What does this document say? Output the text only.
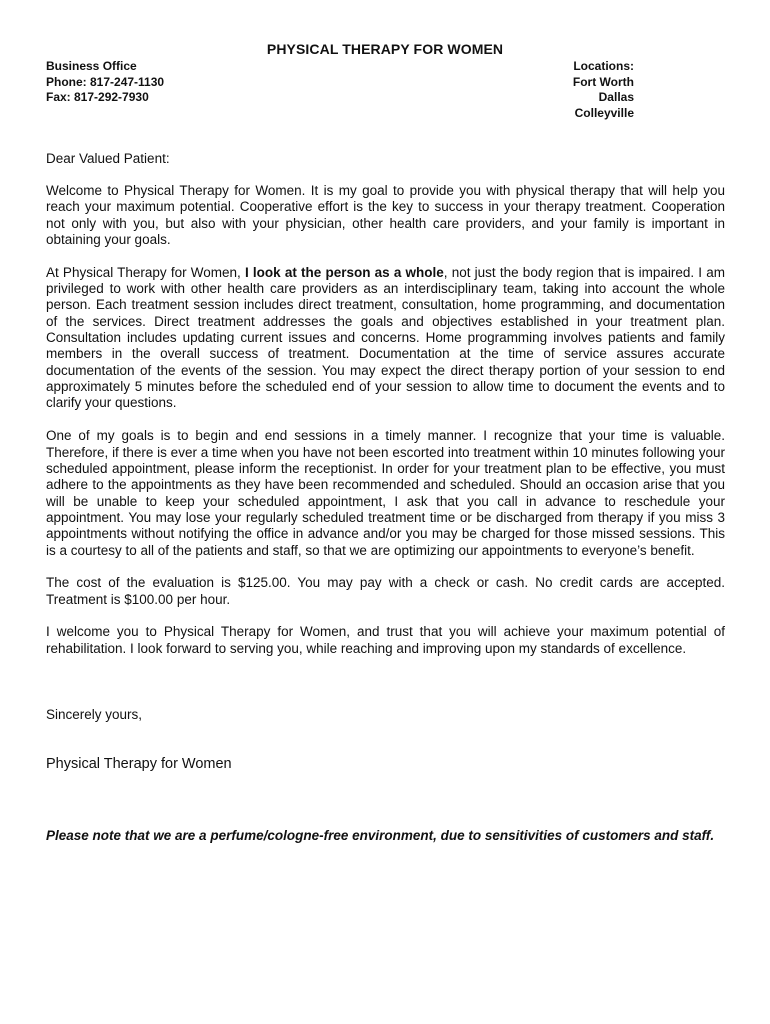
PHYSICAL THERAPY FOR WOMEN
Business Office
Phone: 817-247-1130
Fax: 817-292-7930
Locations:
Fort Worth
Dallas
Colleyville
Dear Valued Patient:

Welcome to Physical Therapy for Women. It is my goal to provide you with physical therapy that will help you reach your maximum potential. Cooperative effort is the key to success in your therapy treatment. Cooperation not only with you, but also with your physician, other health care providers, and your family is important in obtaining your goals.

At Physical Therapy for Women, I look at the person as a whole, not just the body region that is impaired. I am privileged to work with other health care providers as an interdisciplinary team, taking into account the whole person. Each treatment session includes direct treatment, consultation, home programming, and documentation of the services. Direct treatment addresses the goals and objectives established in your treatment plan. Consultation includes updating current issues and concerns. Home programming involves patients and family members in the overall success of treatment. Documentation at the time of service assures accurate documentation of the events of the session. You may expect the direct therapy portion of your session to end approximately 5 minutes before the scheduled end of your session to allow time to document the events and to clarify your questions.

One of my goals is to begin and end sessions in a timely manner. I recognize that your time is valuable. Therefore, if there is ever a time when you have not been escorted into treatment within 10 minutes following your scheduled appointment, please inform the receptionist. In order for your treatment plan to be effective, you must adhere to the appointments as they have been recommended and scheduled. Should an occasion arise that you will be unable to keep your scheduled appointment, I ask that you call in advance to reschedule your appointment. You may lose your regularly scheduled treatment time or be discharged from therapy if you miss 3 appointments without notifying the office in advance and/or you may be charged for those missed sessions. This is a courtesy to all of the patients and staff, so that we are optimizing our appointments to everyone’s benefit.

The cost of the evaluation is $125.00. You may pay with a check or cash. No credit cards are accepted. Treatment is $100.00 per hour.

I welcome you to Physical Therapy for Women, and trust that you will achieve your maximum potential of rehabilitation. I look forward to serving you, while reaching and improving upon my standards of excellence.

Sincerely yours,
Physical Therapy for Women
Please note that we are a perfume/cologne-free environment, due to sensitivities of customers and staff.
